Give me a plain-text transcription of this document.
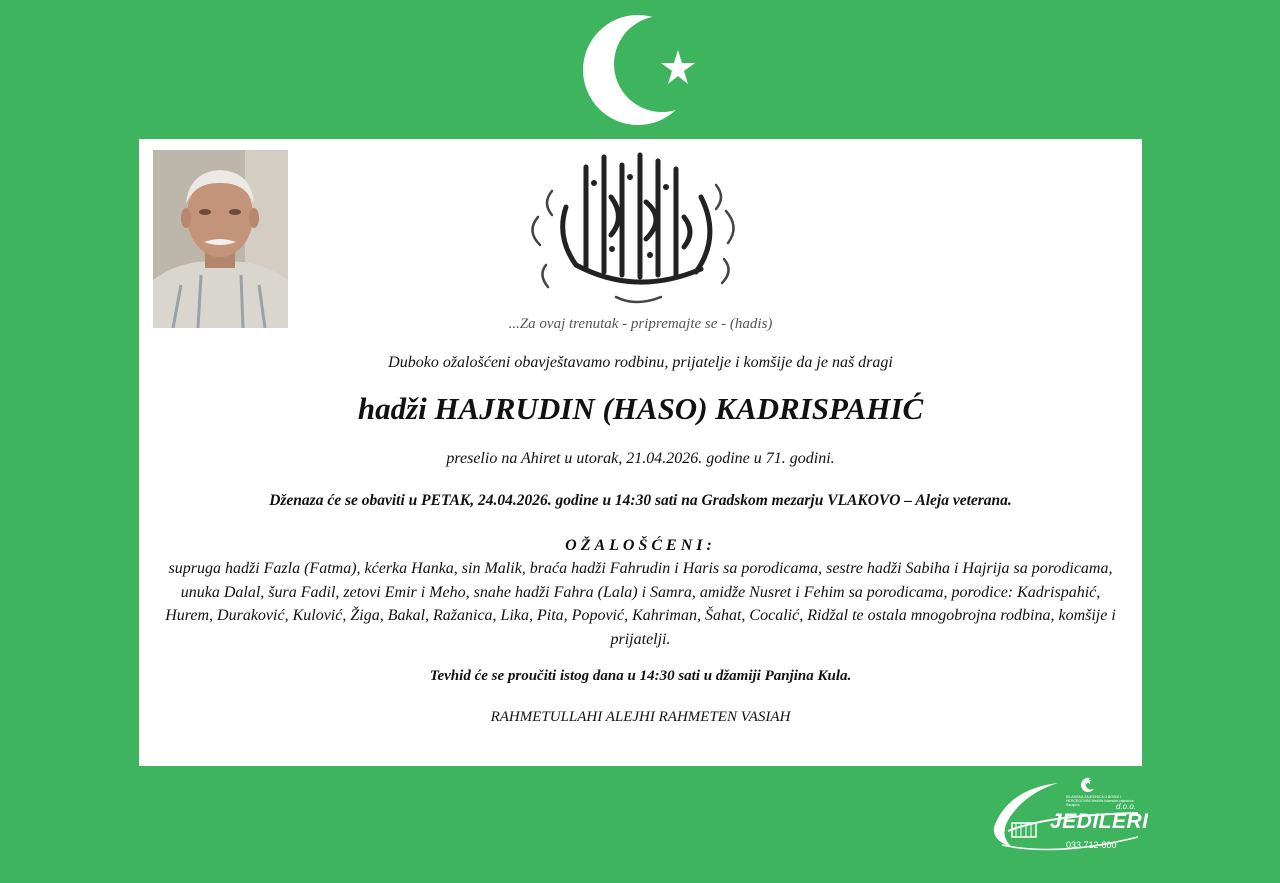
...Za ovaj trenutak - pripremajte se - (hadis)
Duboko ožalošćeni obavještavamo rodbinu, prijatelje i komšije da je naš dragi
hadži HAJRUDIN (HASO) KADRISPAHIĆ
preselio na Ahiret u utorak, 21.04.2026. godine u 71. godini.
Dženaza će se obaviti u PETAK, 24.04.2026. godine u 14:30 sati na Gradskom mezarju VLAKOVO – Aleja veterana.
OŽALOŠĆENI:
supruga hadži Fazla (Fatma), kćerka Hanka, sin Malik, braća hadži Fahrudin i Haris sa porodicama, sestre hadži Sabiha i Hajrija sa porodicama, unuka Dalal, šura Fadil, zetovi Emir i Meho, snahe hadži Fahra (Lala) i Samra, amidže Nusret i Fehim sa porodicama, porodice: Kadrispahić, Hurem, Duraković, Kulović, Žiga, Bakal, Ražanica, Lika, Pita, Popović, Kahriman, Šahat, Cocalić, Ridžal te ostala mnogobrojna rodbina, komšije i prijatelji.
Tevhid će se proučiti istog dana u 14:30 sati u džamiji Panjina Kula.
RAHMETULLAHI ALEJHI RAHMETEN VASIAH
ISLAMSKA ZAJEDNICA U BOSNI I HERCEGOVINI Medžlis islamske zajednice Sarajevo	d.o.o.
JEDILERI
033 712-800
